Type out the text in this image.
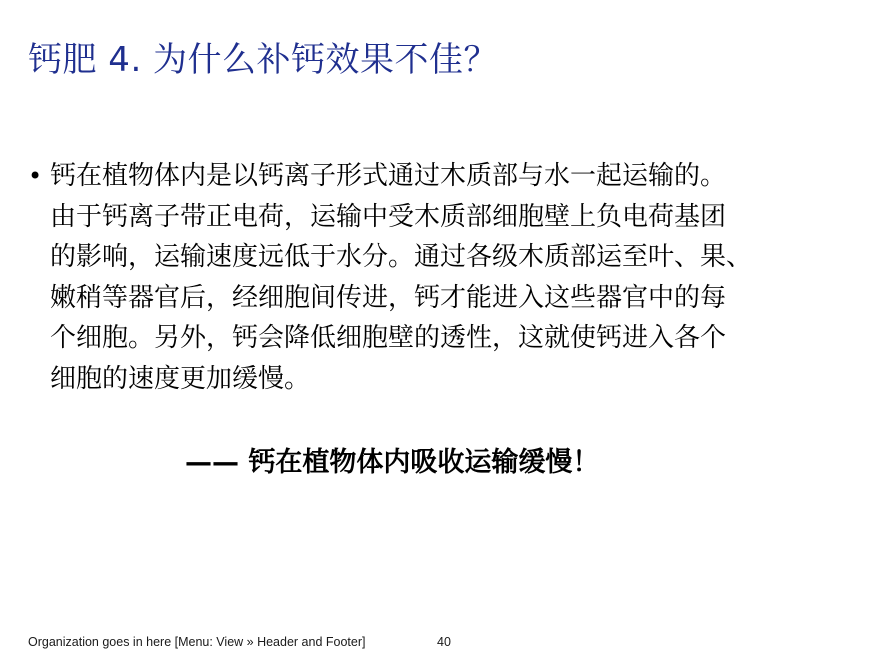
钙肥 4. 为什么补钙效果不佳？
• 钙在植物体内是以钙离子形式通过木质部与水一起运输的。
由于钙离子带正电荷，运输中受木质部细胞壁上负电荷基团
的影响，运输速度远低于水分。通过各级木质部运至叶、果、
嫩稍等器官后，经细胞间传进，钙才能进入这些器官中的每
个细胞。另外，钙会降低细胞壁的透性，这就使钙进入各个
细胞的速度更加缓慢。
—— 钙在植物体内吸收运输缓慢！
Organization goes in here [Menu: View » Header and Footer]	40
